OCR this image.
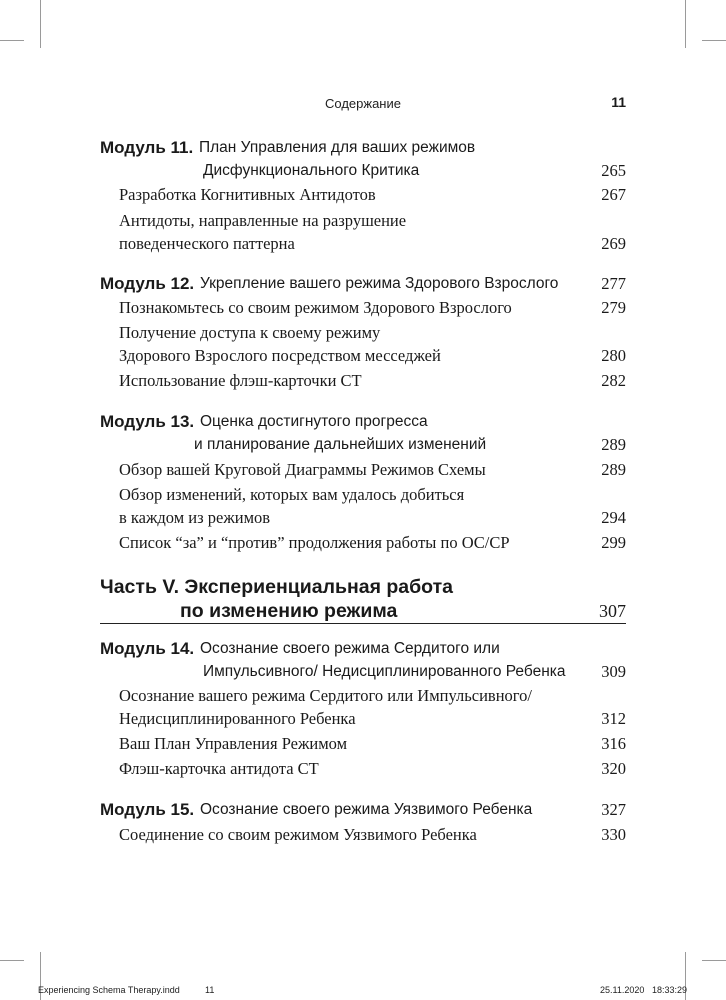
Содержание	11
Модуль 11. План Управления для ваших режимов
Дисфункционального Критика	265
Разработка Когнитивных Антидотов	267
Антидоты, направленные на разрушение
поведенческого паттерна	269
Модуль 12. Укрепление вашего режима Здорового Взрослого	277
Познакомьтесь со своим режимом Здорового Взрослого	279
Получение доступа к своему режиму
Здорового Взрослого посредством месседжей	280
Использование флэш-карточки СТ	282
Модуль 13. Оценка достигнутого прогресса
и планирование дальнейших изменений	289
Обзор вашей Круговой Диаграммы Режимов Схемы	289
Обзор изменений, которых вам удалось добиться
в каждом из режимов	294
Список “за” и “против” продолжения работы по ОС/СР	299
Часть V. Экспериенциальная работа
по изменению режима	307
Модуль 14. Осознание своего режима Сердитого или
Импульсивного/ Недисциплинированного Ребенка 309
Осознание вашего режима Сердитого или Импульсивного/
Недисциплинированного Ребенка	312
Ваш План Управления Режимом	316
Флэш-карточка антидота СТ	320
Модуль 15. Осознание своего режима Уязвимого Ребенка	327
Соединение со своим режимом Уязвимого Ребенка	330
Experiencing Schema Therapy.indd	11	25.11.2020 18:33:29
